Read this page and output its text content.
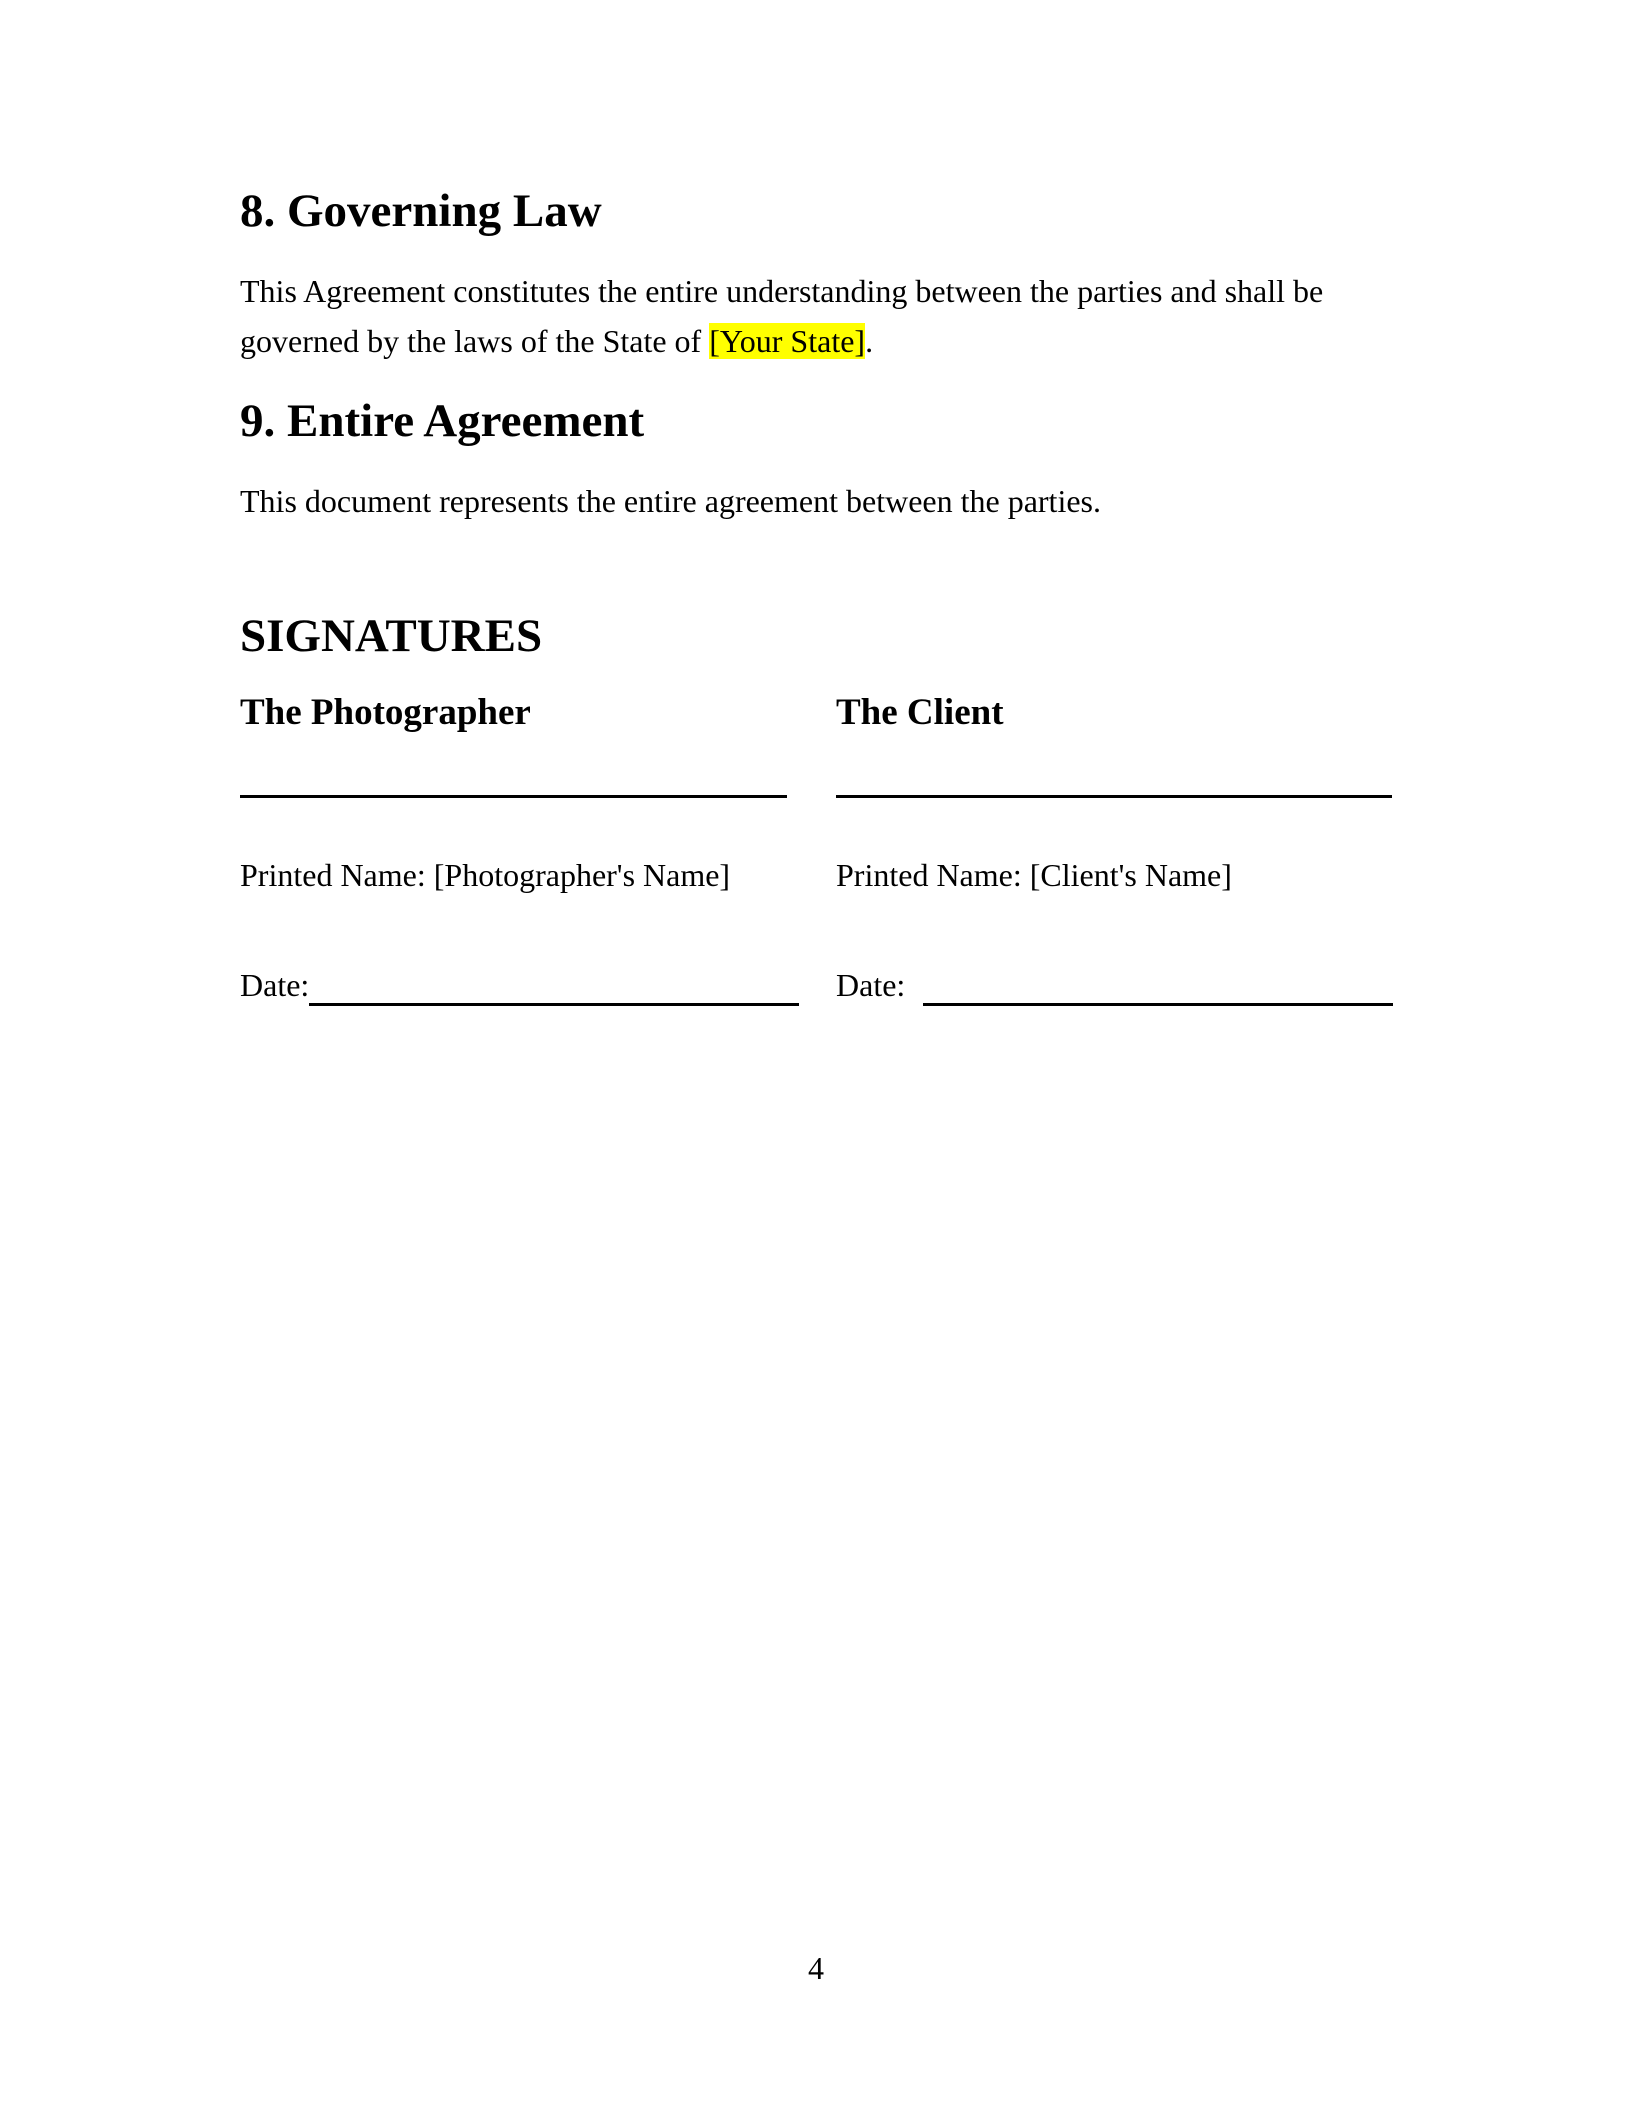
8. Governing Law

This Agreement constitutes the entire understanding between the parties and shall be governed by the laws of the State of [Your State].

9. Entire Agreement

This document represents the entire agreement between the parties.

SIGNATURES
The Photographer
Printed Name: [Photographer's Name]
Date:
The Client
Printed Name: [Client's Name]
Date:
4
